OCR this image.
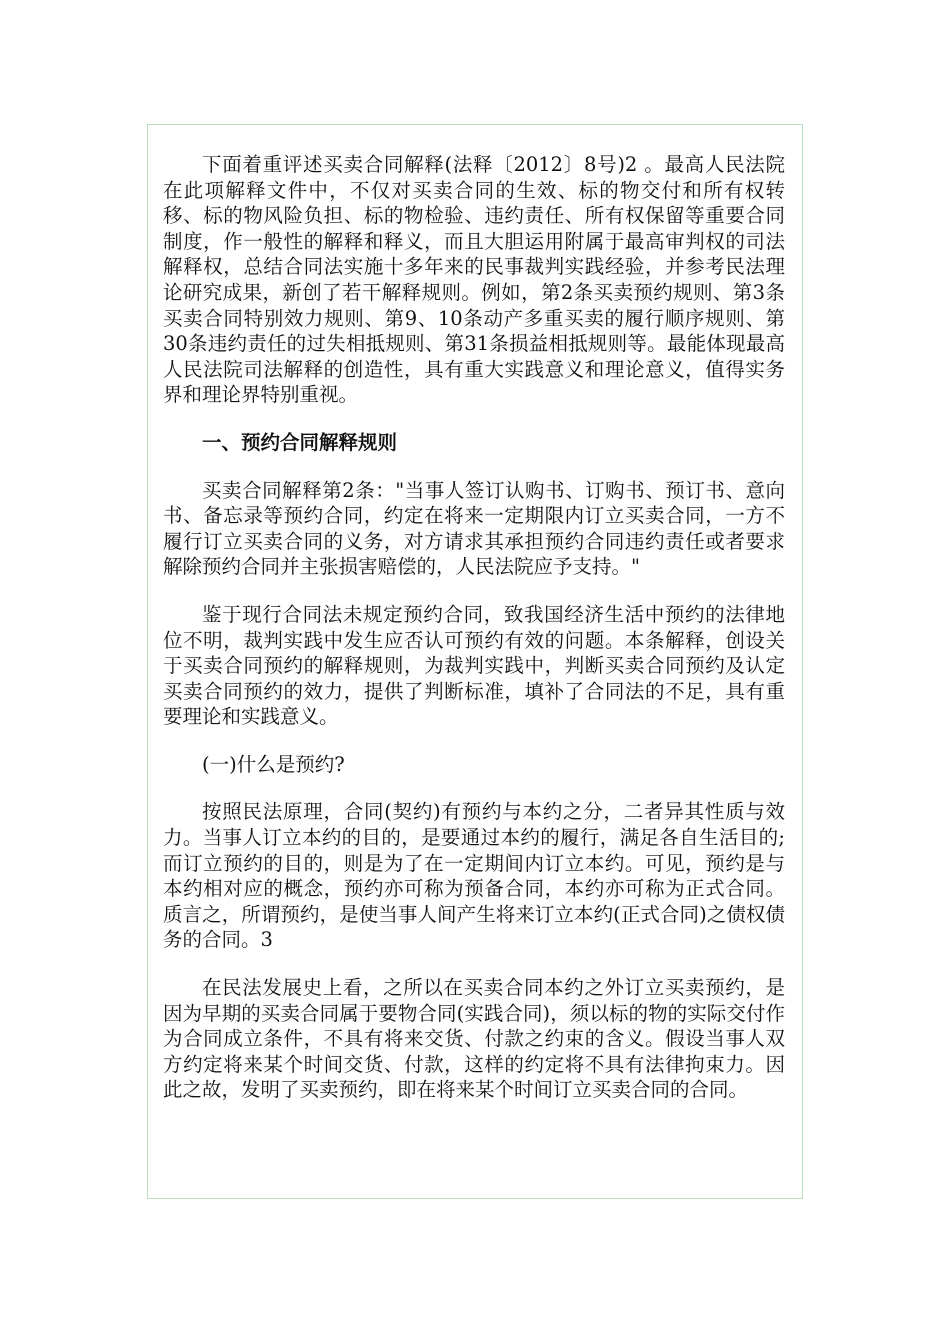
下面着重评述买卖合同解释(法释〔2012〕8号)2 。最高人民法院在此项解释文件中，不仅对买卖合同的生效、标的物交付和所有权转移、标的物风险负担、标的物检验、违约责任、所有权保留等重要合同制度，作一般性的解释和释义，而且大胆运用附属于最高审判权的司法解释权，总结合同法实施十多年来的民事裁判实践经验，并参考民法理论研究成果，新创了若干解释规则。例如，第2条买卖预约规则、第3条买卖合同特别效力规则、第9、10条动产多重买卖的履行顺序规则、第30条违约责任的过失相抵规则、第31条损益相抵规则等。最能体现最高人民法院司法解释的创造性，具有重大实践意义和理论意义，值得实务界和理论界特别重视。

一、预约合同解释规则

买卖合同解释第2条："当事人签订认购书、订购书、预订书、意向书、备忘录等预约合同，约定在将来一定期限内订立买卖合同，一方不履行订立买卖合同的义务，对方请求其承担预约合同违约责任或者要求解除预约合同并主张损害赔偿的，人民法院应予支持。"

鉴于现行合同法未规定预约合同，致我国经济生活中预约的法律地位不明，裁判实践中发生应否认可预约有效的问题。本条解释，创设关于买卖合同预约的解释规则，为裁判实践中，判断买卖合同预约及认定买卖合同预约的效力，提供了判断标准，填补了合同法的不足，具有重要理论和实践意义。

(一)什么是预约?

按照民法原理，合同(契约)有预约与本约之分，二者异其性质与效力。当事人订立本约的目的，是要通过本约的履行，满足各自生活目的;而订立预约的目的，则是为了在一定期间内订立本约。可见，预约是与本约相对应的概念，预约亦可称为预备合同，本约亦可称为正式合同。质言之，所谓预约，是使当事人间产生将来订立本约(正式合同)之债权债务的合同。3

在民法发展史上看，之所以在买卖合同本约之外订立买卖预约，是因为早期的买卖合同属于要物合同(实践合同)，须以标的物的实际交付作为合同成立条件，不具有将来交货、付款之约束的含义。假设当事人双方约定将来某个时间交货、付款，这样的约定将不具有法律拘束力。因此之故，发明了买卖预约，即在将来某个时间订立买卖合同的合同。
